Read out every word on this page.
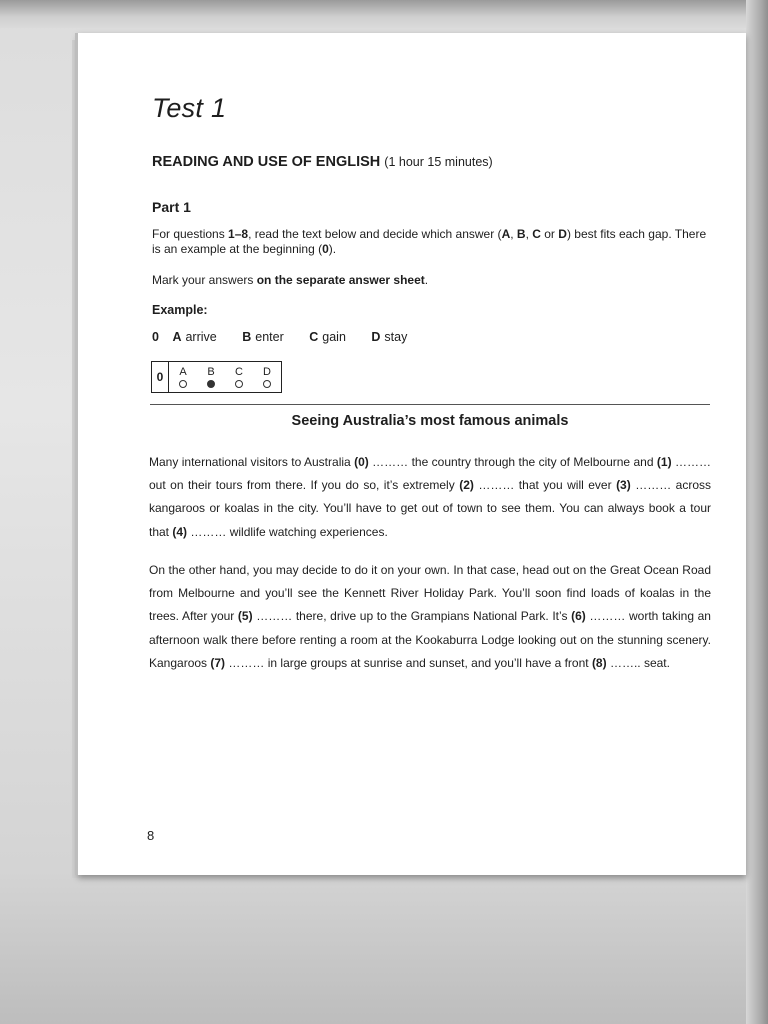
Test 1
READING AND USE OF ENGLISH (1 hour 15 minutes)
Part 1
For questions 1–8, read the text below and decide which answer (A, B, C or D) best fits each gap. There is an example at the beginning (0).
Mark your answers on the separate answer sheet.
Example:
0 A arrive B enter C gain D stay
0	A B C D
Seeing Australia’s most famous animals
Many international visitors to Australia (0) ……… the country through the city of Melbourne and (1) ……… out on their tours from there. If you do so, it’s extremely (2) ……… that you will ever (3) ……… across kangaroos or koalas in the city. You’ll have to get out of town to see them. You can always book a tour that (4) ……… wildlife watching experiences.
On the other hand, you may decide to do it on your own. In that case, head out on the Great Ocean Road from Melbourne and you’ll see the Kennett River Holiday Park. You’ll soon find loads of koalas in the trees. After your (5) ……… there, drive up to the Grampians National Park. It’s (6) ……… worth taking an afternoon walk there before renting a room at the Kookaburra Lodge looking out on the stunning scenery. Kangaroos (7) ……… in large groups at sunrise and sunset, and you’ll have a front (8) …….. seat.
8
